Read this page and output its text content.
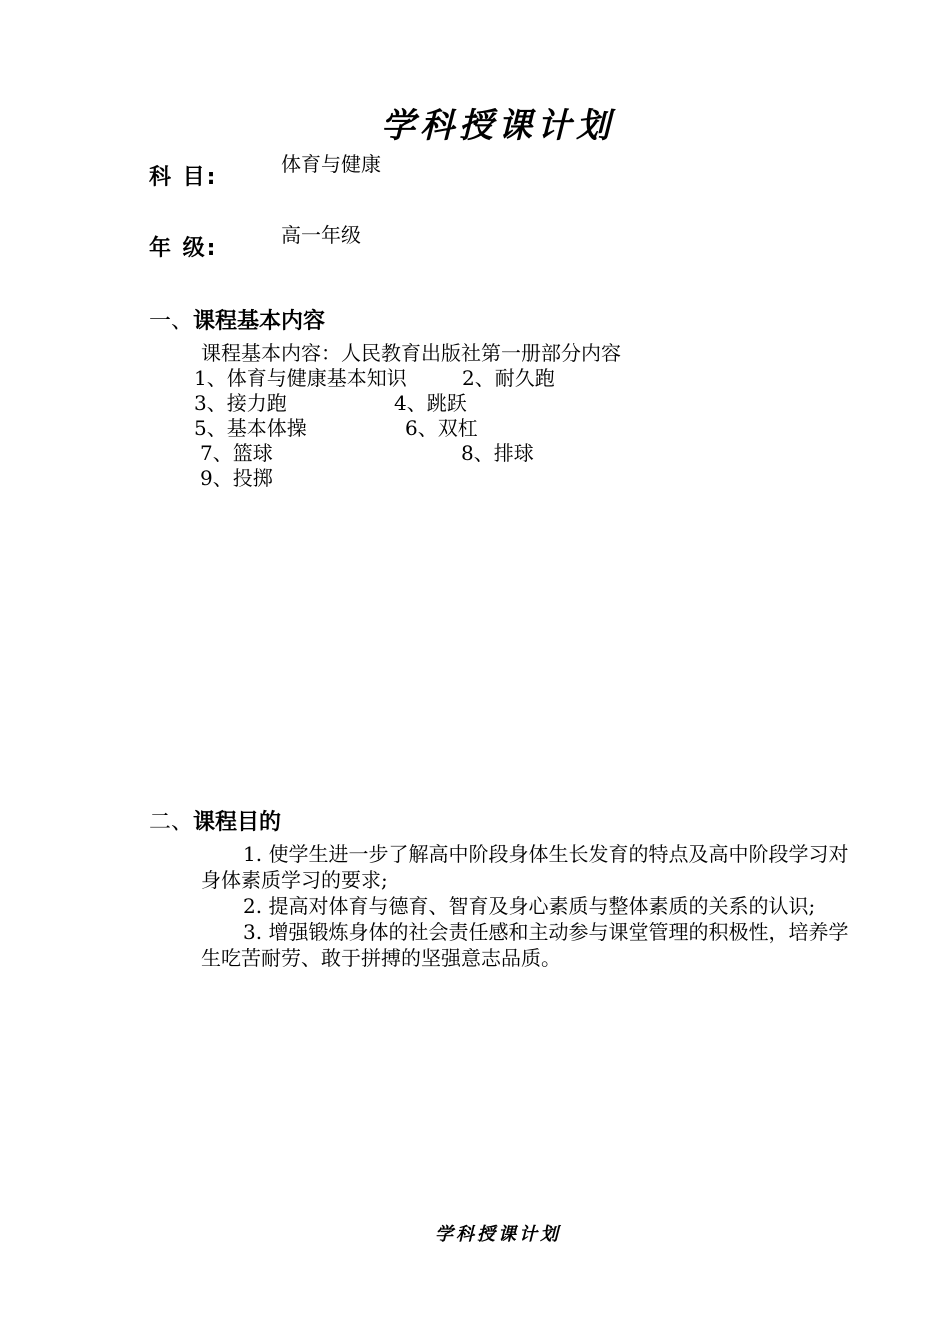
学科授课计划
科 目:
体育与健康
年 级:
高一年级
一、课程基本内容
课程基本内容：人民教育出版社第一册部分内容
1、体育与健康基本知识	2、耐久跑
3、接力跑	4、跳跃
5、基本体操	6、双杠
7、篮球	8、排球
9、投掷
二、课程目的

1. 使学生进一步了解高中阶段身体生长发育的特点及高中阶段学习对身体素质学习的要求;

2. 提高对体育与德育、智育及身心素质与整体素质的关系的认识;

3. 增强锻炼身体的社会责任感和主动参与课堂管理的积极性，培养学生吃苦耐劳、敢于拼搏的坚强意志品质。

学科授课计划
